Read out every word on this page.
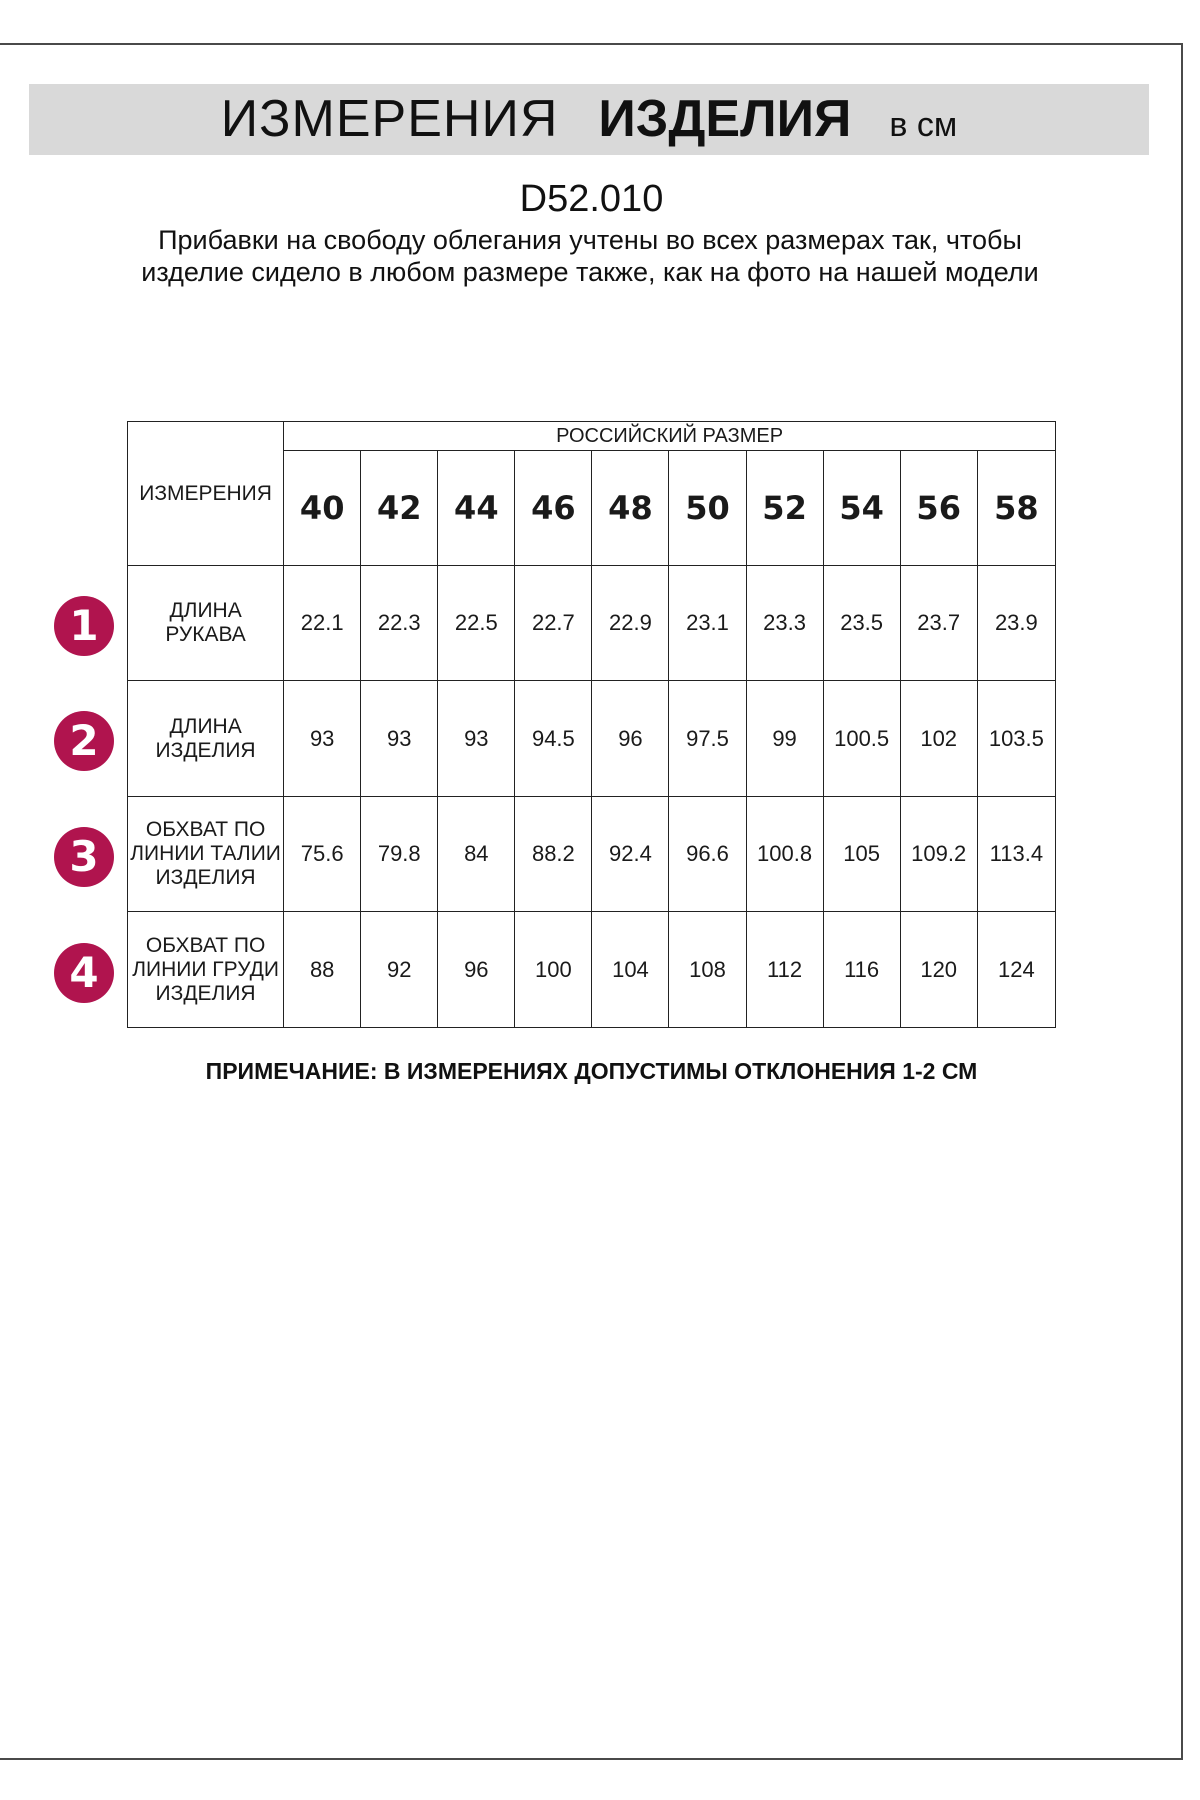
ИЗМЕРЕНИЯ ИЗДЕЛИЯ в см
D52.010
Прибавки на свободу облегания учтены во всех размерах так, чтобы изделие сидело в любом размере также, как на фото на нашей модели
ИЗМЕРЕНИЯ	РОССИЙСКИЙ РАЗМЕР									
	40	42	44	46	48	50	52	54	56	58
ДЛИНА РУКАВА	22.1	22.3	22.5	22.7	22.9	23.1	23.3	23.5	23.7	23.9
ДЛИНА ИЗДЕЛИЯ	93	93	93	94.5	96	97.5	99	100.5	102	103.5
ОБХВАТ ПО ЛИНИИ ТАЛИИ ИЗДЕЛИЯ	75.6	79.8	84	88.2	92.4	96.6	100.8	105	109.2	113.4
ОБХВАТ ПО ЛИНИИ ГРУДИ ИЗДЕЛИЯ	88	92	96	100	104	108	112	116	120	124
1
2
3
4
ПРИМЕЧАНИЕ: В ИЗМЕРЕНИЯХ ДОПУСТИМЫ ОТКЛОНЕНИЯ 1-2 СМ
